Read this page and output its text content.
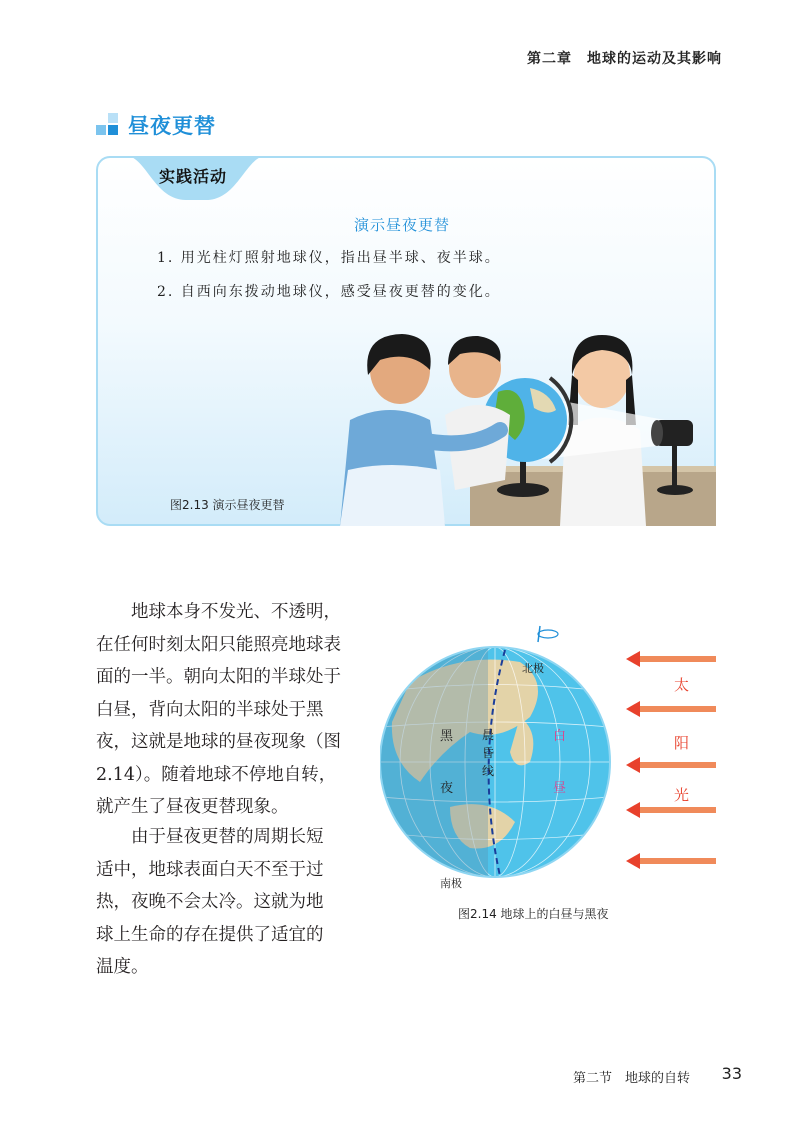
第二章　地球的运动及其影响
昼夜更替
实践活动
演示昼夜更替
1. 用光柱灯照射地球仪，指出昼半球、夜半球。
2. 自西向东拨动地球仪，感受昼夜更替的变化。
图2.13 演示昼夜更替

　　地球本身不发光、不透明，

在任何时刻太阳只能照亮地球表

面的一半。朝向太阳的半球处于

白昼，背向太阳的半球处于黑

夜，这就是地球的昼夜现象（图

2.14）。随着地球不停地自转，

就产生了昼夜更替现象。

　　由于昼夜更替的周期长短

适中，地球表面白天不至于过

热，夜晚不会太冷。这就为地

球上生命的存在提供了适宜的

温度。

北极
南极
黑
夜
白
昼
晨
昏
线
太
阳
光
图2.14 地球上的白昼与黑夜
第二节　地球的自转 33
